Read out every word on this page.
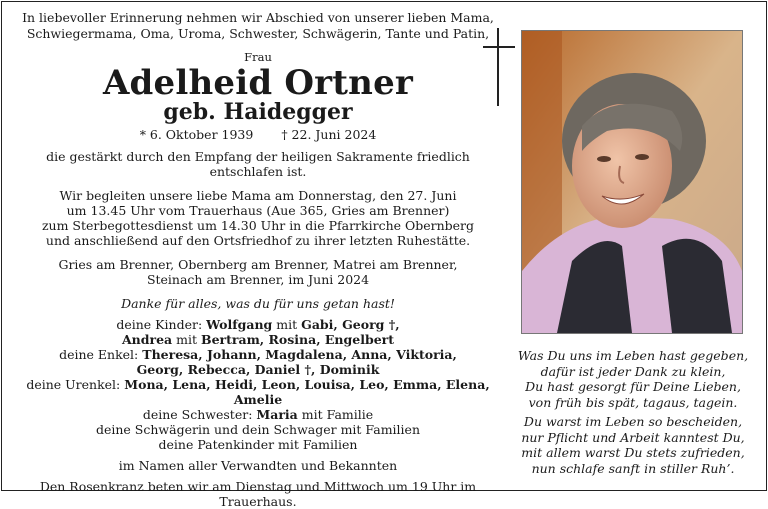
In liebevoller Erinnerung nehmen wir Abschied von unserer lieben Mama, Schwiegermama, Oma, Uroma, Schwester, Schwägerin, Tante und Patin,
Frau
Adelheid Ortner
geb. Haidegger
* 6. Oktober 1939 † 22. Juni 2024
die gestärkt durch den Empfang der heiligen Sakramente friedlich entschlafen ist.
Wir begleiten unsere liebe Mama am Donnerstag, den 27. Juni
um 13.45 Uhr vom Trauerhaus (Aue 365, Gries am Brenner)
zum Sterbegottesdienst um 14.30 Uhr in die Pfarrkirche Obernberg
und anschließend auf den Ortsfriedhof zu ihrer letzten Ruhestätte.
Gries am Brenner, Obernberg am Brenner, Matrei am Brenner,
Steinach am Brenner, im Juni 2024
Danke für alles, was du für uns getan hast!
deine Kinder: Wolfgang mit Gabi, Georg †,
Andrea mit Bertram, Rosina, Engelbert
deine Enkel: Theresa, Johann, Magdalena, Anna, Viktoria,
Georg, Rebecca, Daniel †, Dominik
deine Urenkel: Mona, Lena, Heidi, Leon, Louisa, Leo, Emma, Elena, Amelie
deine Schwester: Maria mit Familie
deine Schwägerin und dein Schwager mit Familien
deine Patenkinder mit Familien
im Namen aller Verwandten und Bekannten
Den Rosenkranz beten wir am Dienstag und Mittwoch um 19 Uhr im Trauerhaus.
Was Du uns im Leben hast gegeben,
dafür ist jeder Dank zu klein,
Du hast gesorgt für Deine Lieben,
von früh bis spät, tagaus, tagein.
Du warst im Leben so bescheiden,
nur Pflicht und Arbeit kanntest Du,
mit allem warst Du stets zufrieden,
nun schlafe sanft in stiller Ruh’.
